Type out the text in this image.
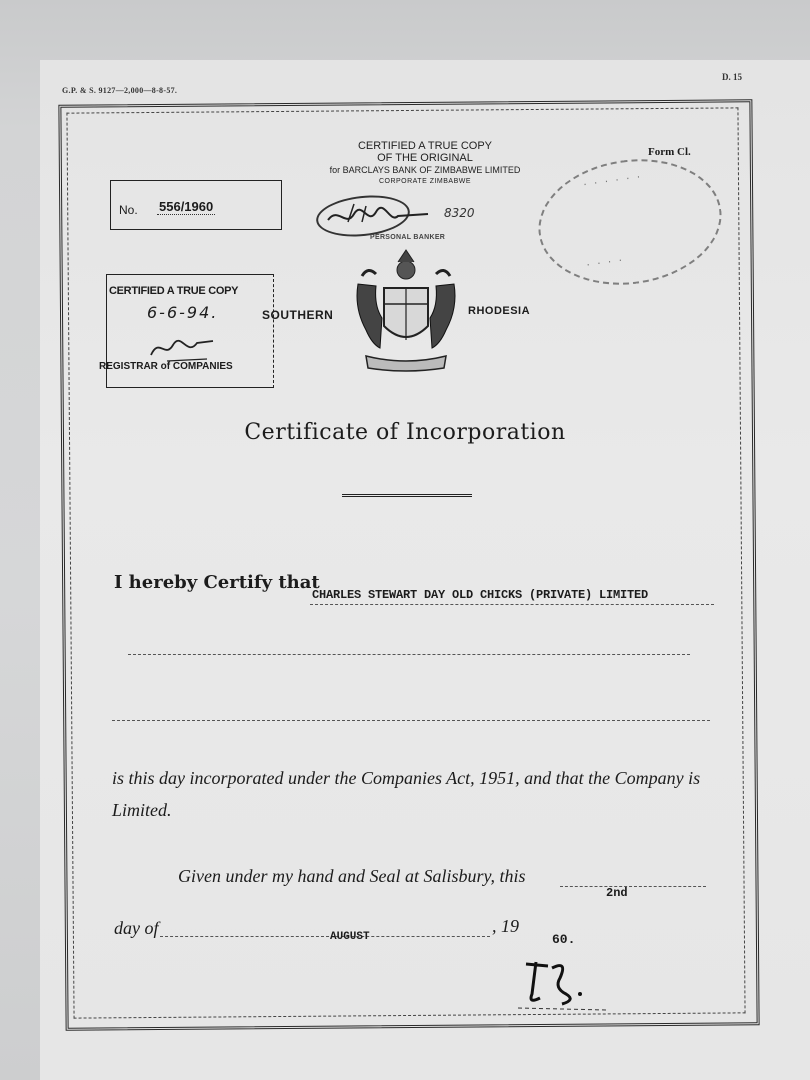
G.P. & S. 9127—2,000—8-8-57.
D. 15
CERTIFIED A TRUE COPY
OF THE ORIGINAL
for BARCLAYS BANK OF ZIMBABWE LIMITED
CORPORATE ZIMBABWE
8320
PERSONAL BANKER
Form Cl.
· · · · · ·
· · · ·
No. 556/1960
CERTIFIED A TRUE COPY
6-6-94.
REGISTRAR of COMPANIES
SOUTHERN	RHODESIA
Certificate of Incorporation
I hereby Certify that
CHARLES STEWART DAY OLD CHICKS (PRIVATE) LIMITED
is this day incorporated under the Companies Act, 1951, and that the Company is Limited.
Given under my hand and Seal at Salisbury, this
2nd
day of	AUGUST
, 19
60.
